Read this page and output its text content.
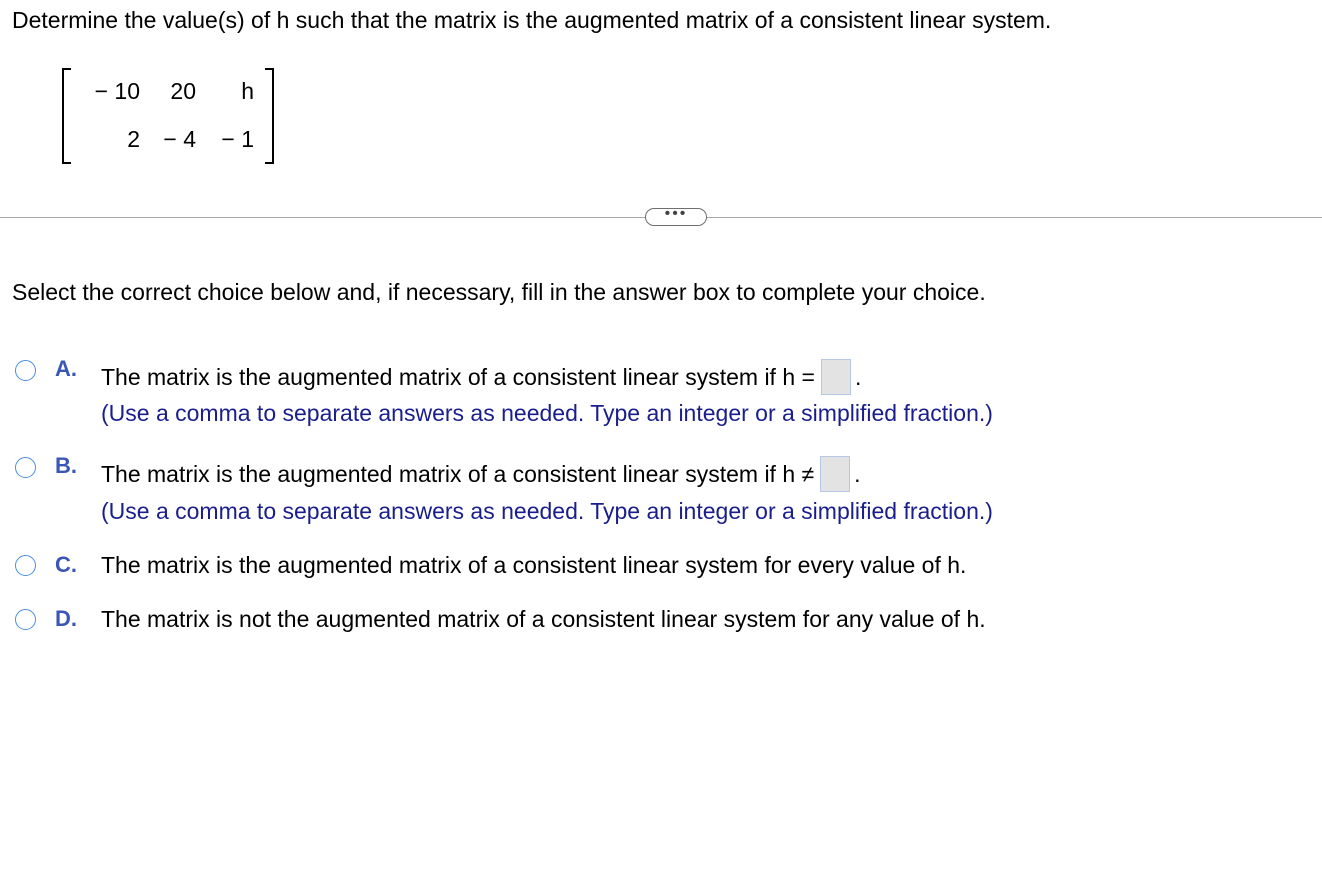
Determine the value(s) of h such that the matrix is the augmented matrix of a consistent linear system.
− 10	20	h
2	− 4	− 1
•••
Select the correct choice below and, if necessary, fill in the answer box to complete your choice.
A. The matrix is the augmented matrix of a consistent linear system if h = .
(Use a comma to separate answers as needed. Type an integer or a simplified fraction.)
B. The matrix is the augmented matrix of a consistent linear system if h ≠ .
(Use a comma to separate answers as needed. Type an integer or a simplified fraction.)
C. The matrix is the augmented matrix of a consistent linear system for every value of h.
D. The matrix is not the augmented matrix of a consistent linear system for any value of h.
